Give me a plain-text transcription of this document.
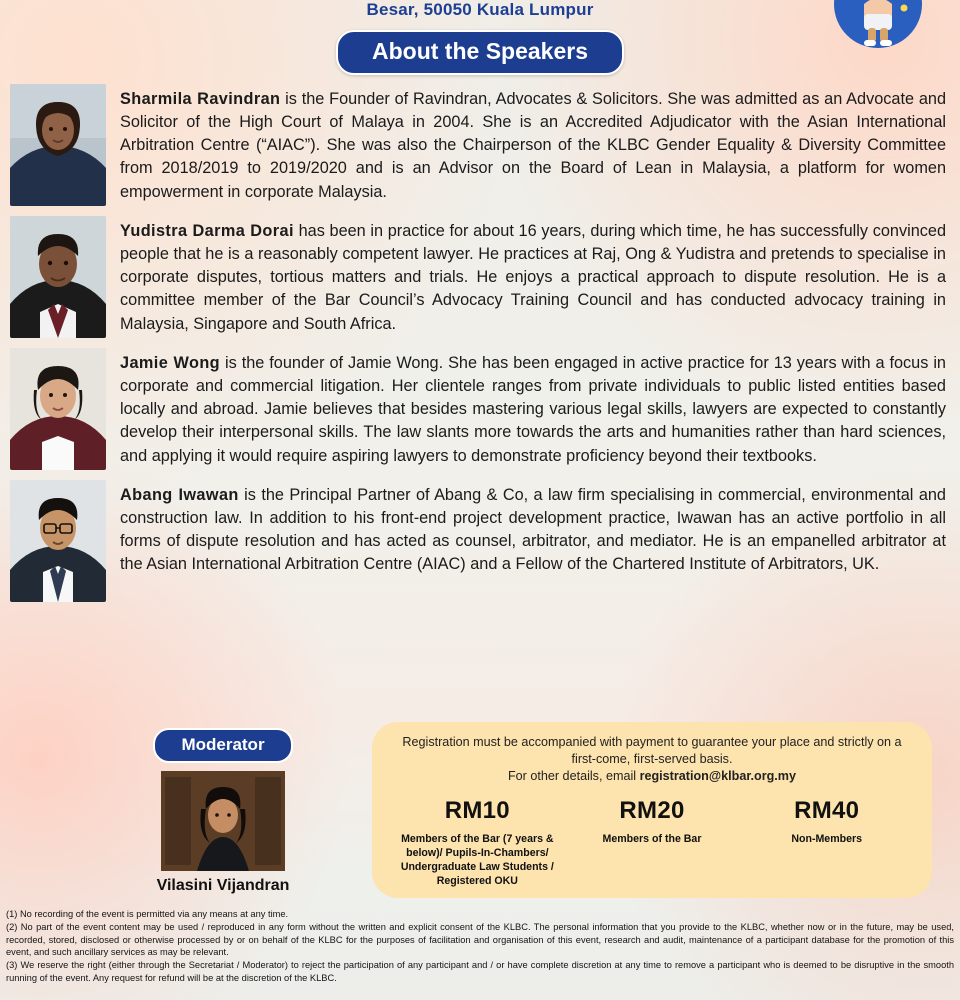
Besar, 50050 Kuala Lumpur
About the Speakers
Sharmila Ravindran is the Founder of Ravindran, Advocates & Solicitors. She was admitted as an Advocate and Solicitor of the High Court of Malaya in 2004. She is an Accredited Adjudicator with the Asian International Arbitration Centre (“AIAC”). She was also the Chairperson of the KLBC Gender Equality & Diversity Committee from 2018/2019 to 2019/2020 and is an Advisor on the Board of Lean in Malaysia, a platform for women empowerment in corporate Malaysia.
Yudistra Darma Dorai has been in practice for about 16 years, during which time, he has successfully convinced people that he is a reasonably competent lawyer. He practices at Raj, Ong & Yudistra and pretends to specialise in corporate disputes, tortious matters and trials. He enjoys a practical approach to dispute resolution. He is a committee member of the Bar Council’s Advocacy Training Council and has conducted advocacy training in Malaysia, Singapore and South Africa.
Jamie Wong is the founder of Jamie Wong. She has been engaged in active practice for 13 years with a focus in corporate and commercial litigation. Her clientele ranges from private individuals to public listed entities based locally and abroad. Jamie believes that besides mastering various legal skills, lawyers are expected to constantly develop their interpersonal skills. The law slants more towards the arts and humanities rather than hard sciences, and applying it would require aspiring lawyers to demonstrate proficiency beyond their textbooks.
Abang Iwawan is the Principal Partner of Abang & Co, a law firm specialising in commercial, environmental and construction law. In addition to his front-end project development practice, Iwawan has an active portfolio in all forms of dispute resolution and has acted as counsel, arbitrator, and mediator. He is an empanelled arbitrator at the Asian International Arbitration Centre (AIAC) and a Fellow of the Chartered Institute of Arbitrators, UK.
Moderator
Vilasini Vijandran
Registration must be accompanied with payment to guarantee your place and strictly on a
first-come, first-served basis.
For other details, email registration@klbar.org.my
RM10
Members of the Bar (7 years & below)/ Pupils-In-Chambers/ Undergraduate Law Students / Registered OKU
RM20
Members of the Bar
RM40
Non-Members

(1) No recording of the event is permitted via any means at any time.

(2) No part of the event content may be used / reproduced in any form without the written and explicit consent of the KLBC. The personal information that you provide to the KLBC, whether now or in the future, may be used, recorded, stored, disclosed or otherwise processed by or on behalf of the KLBC for the purposes of facilitation and organisation of this event, research and audit, maintenance of a participant database for the promotion of this event, and such ancillary services as may be relevant.

(3) We reserve the right (either through the Secretariat / Moderator) to reject the participation of any participant and / or have complete discretion at any time to remove a participant who is deemed to be disruptive in the smooth running of the event. Any request for refund will be at the discretion of the KLBC.
